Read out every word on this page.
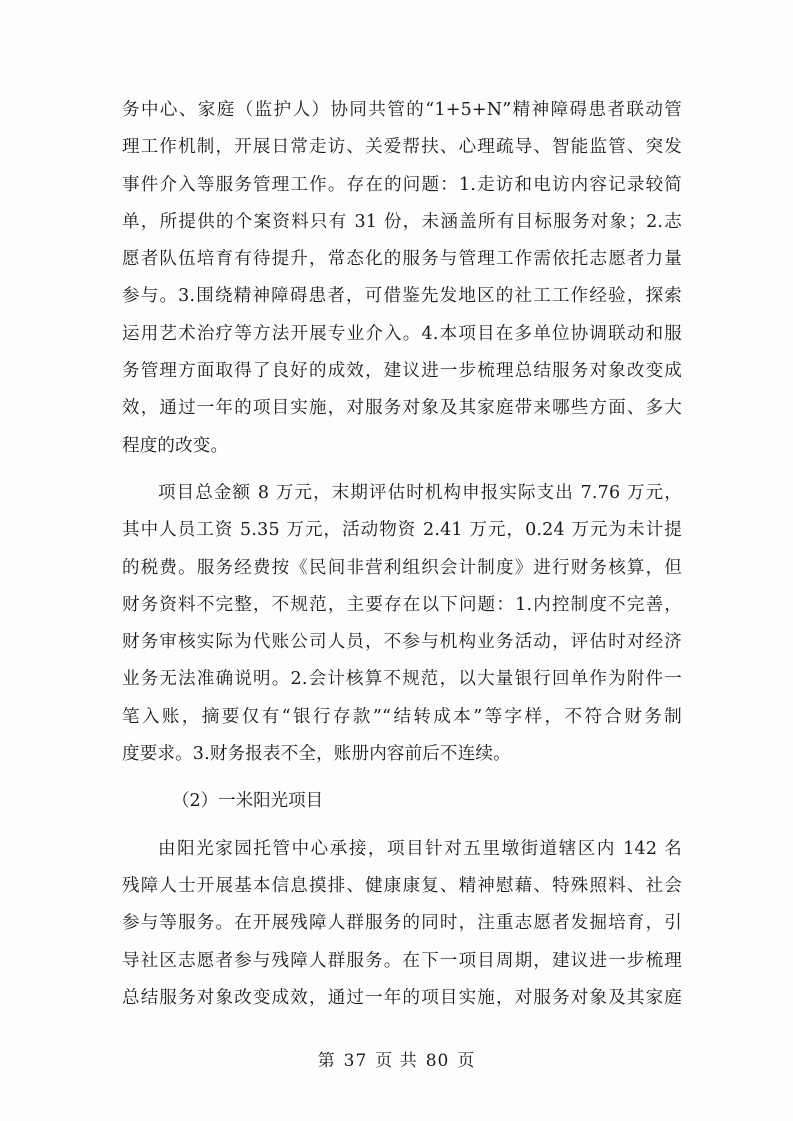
务中心、家庭（监护人）协同共管的“1+5+N”精神障碍患者联动管
理工作机制，开展日常走访、关爱帮扶、心理疏导、智能监管、突发
事件介入等服务管理工作。存在的问题：1.走访和电访内容记录较简
单，所提供的个案资料只有 31 份，未涵盖所有目标服务对象；2.志
愿者队伍培育有待提升，常态化的服务与管理工作需依托志愿者力量
参与。3.围绕精神障碍患者，可借鉴先发地区的社工工作经验，探索
运用艺术治疗等方法开展专业介入。4.本项目在多单位协调联动和服
务管理方面取得了良好的成效，建议进一步梳理总结服务对象改变成
效，通过一年的项目实施，对服务对象及其家庭带来哪些方面、多大
程度的改变。
项目总金额 8 万元，末期评估时机构申报实际支出 7.76 万元，
其中人员工资 5.35 万元，活动物资 2.41 万元，0.24 万元为未计提
的税费。服务经费按《民间非营利组织会计制度》进行财务核算，但
财务资料不完整，不规范，主要存在以下问题：1.内控制度不完善，
财务审核实际为代账公司人员，不参与机构业务活动，评估时对经济
业务无法准确说明。2.会计核算不规范，以大量银行回单作为附件一
笔入账，摘要仅有“银行存款”“结转成本”等字样，不符合财务制
度要求。3.财务报表不全，账册内容前后不连续。
（2）一米阳光项目
由阳光家园托管中心承接，项目针对五里墩街道辖区内 142 名
残障人士开展基本信息摸排、健康康复、精神慰藉、特殊照料、社会
参与等服务。在开展残障人群服务的同时，注重志愿者发掘培育，引
导社区志愿者参与残障人群服务。在下一项目周期，建议进一步梳理
总结服务对象改变成效，通过一年的项目实施，对服务对象及其家庭
第 37 页 共 80 页
